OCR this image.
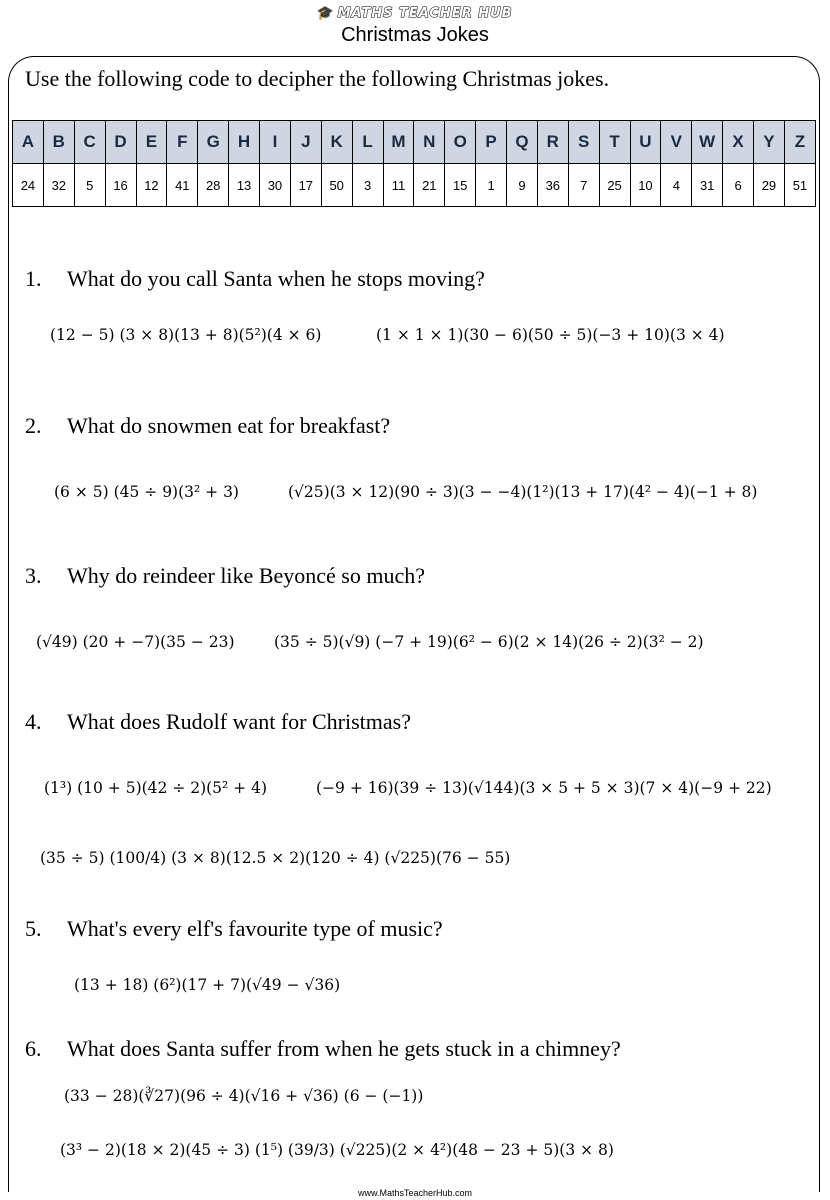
🎓 MATHS TEACHER HUB
Christmas Jokes
Use the following code to decipher the following Christmas jokes.
A	B	C	D	E	F	G	H	I	J	K	L	M	N	O	P	Q	R	S	T	U	V	W	X	Y	Z
24	32	5	16	12	41	28	13	30	17	50	3	11	21	15	1	9	36	7	25	10	4	31	6	29	51
1. What do you call Santa when he stops moving?
(12 − 5) (3 × 8)(13 + 8)(5²)(4 × 6)	(1 × 1 × 1)(30 − 6)(50 ÷ 5)(−3 + 10)(3 × 4)
2. What do snowmen eat for breakfast?
(6 × 5) (45 ÷ 9)(3² + 3)	(√25)(3 × 12)(90 ÷ 3)(3 − −4)(1²)(13 + 17)(4² − 4)(−1 + 8)
3. Why do reindeer like Beyoncé so much?
(√49) (20 + −7)(35 − 23)	(35 ÷ 5)(√9) (−7 + 19)(6² − 6)(2 × 14)(26 ÷ 2)(3² − 2)
4. What does Rudolf want for Christmas?
(1³) (10 + 5)(42 ÷ 2)(5² + 4)	(−9 + 16)(39 ÷ 13)(√144)(3 × 5 + 5 × 3)(7 × 4)(−9 + 22)
(35 ÷ 5) (100/4) (3 × 8)(12.5 × 2)(120 ÷ 4) (√225)(76 − 55)
5. What's every elf's favourite type of music?
(13 + 18) (6²)(17 + 7)(√49 − √36)
6. What does Santa suffer from when he gets stuck in a chimney?
(33 − 28)(∛27)(96 ÷ 4)(√16 + √36) (6 − (−1))
(3³ − 2)(18 × 2)(45 ÷ 3) (1⁵) (39/3) (√225)(2 × 4²)(48 − 23 + 5)(3 × 8)
www.MathsTeacherHub.com
